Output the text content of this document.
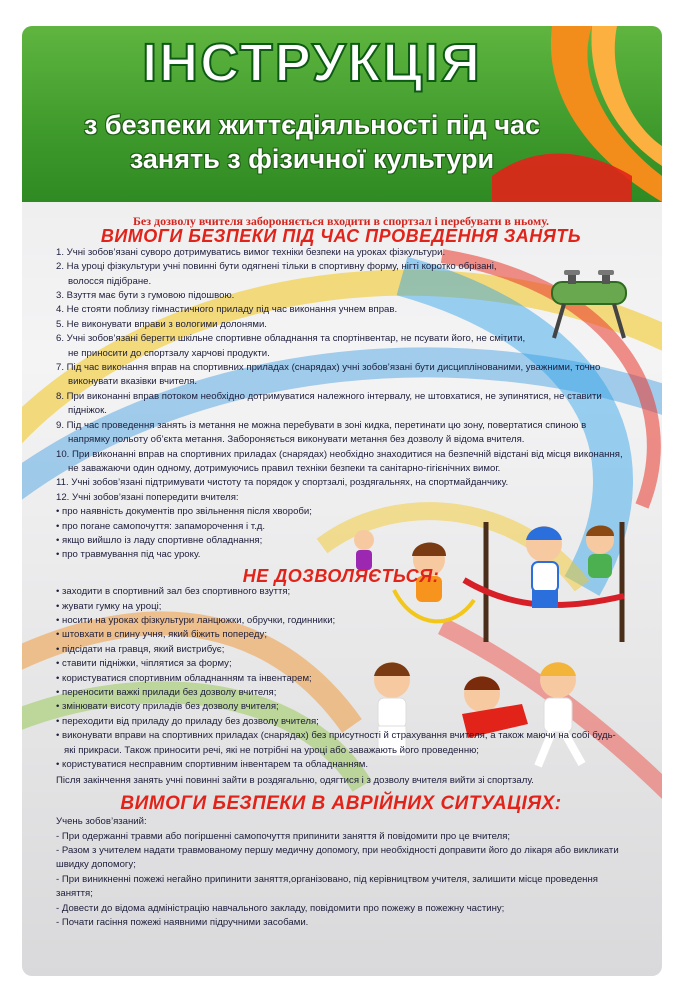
ІНСТРУКЦІЯ
з безпеки життєдіяльності під час
занять з фізичної культури

Без дозволу вчителя забороняється входити в спортзал і перебувати в ньому.

ВИМОГИ БЕЗПЕКИ ПІД ЧАС ПРОВЕДЕННЯ ЗАНЯТЬ
1. Учні зобов’язані суворо дотримуватись вимог техніки безпеки на уроках фізкультури.
2. На уроці фізкультури учні повинні бути одягнені тільки в спортивну форму, нігті коротко обрізані, волосся підібране.
3. Взуття має бути з гумовою підошвою.
4. Не стояти поблизу гімнастичного приладу під час виконання учнем вправ.
5. Не виконувати вправи з вологими долонями.
6. Учні зобов’язані берегти шкільне спортивне обладнання та спортінвентар, не псувати його, не смітити, не приносити до спортзалу харчові продукти.
7. Під час виконання вправ на спортивних приладах (снарядах) учні зобов’язані бути дисциплінованими, уважними, точно виконувати вказівки вчителя.
8. При виконанні вправ потоком необхідно дотримуватися належного інтервалу, не штовхатися, не зупинятися, не ставити підніжок.
9. Під час проведення занять із метання не можна перебувати в зоні кидка, перетинати цю зону, повертатися спиною в напрямку польоту об’єкта метання. Забороняється виконувати метання без дозволу й відома вчителя.
10. При виконанні вправ на спортивних приладах (снарядах) необхідно знаходитися на безпечній відстані від місця виконання, не заважаючи один одному, дотримуючись правил техніки безпеки та санітарно-гігієнічних вимог.
11. Учні зобов’язані підтримувати чистоту та порядок у спортзалі, роздягальнях, на спортмайданчику.
12. Учні зобов’язані попередити вчителя:
• про наявність документів про звільнення після хвороби;
• про погане самопочуття: запаморочення і т.д.
• якщо вийшло із ладу спортивне обладнання;
• про травмування під час уроку.
НЕ ДОЗВОЛЯЄТЬСЯ:
• заходити в спортивний зал без спортивного взуття;
• жувати гумку на уроці;
• носити на уроках фізкультури ланцюжки, обручки, годинники;
• штовхати в спину учня, який біжить попереду;
• підсідати на гравця, який вистрибує;
• ставити підніжки, чіплятися за форму;
• користуватися спортивним обладнанням та інвентарем;
• переносити важкі прилади без дозволу вчителя;
• змінювати висоту приладів без дозволу вчителя;
• переходити від приладу до приладу без дозволу вчителя;
• виконувати вправи на спортивних приладах (снарядах) без присутності й страхування вчителя, а також маючи на собі будь-які прикраси. Також приносити речі, які не потрібні на уроці або заважають його проведенню;
• користуватися несправним спортивним інвентарем та обладнанням.

Після закінчення занять учні повинні зайти в роздягальню, одягтися і з дозволу вчителя вийти зі спортзалу.

ВИМОГИ БЕЗПЕКИ В АВРІЙНИХ СИТУАЦІЯХ:

Учень зобов’язаний:

- При одержанні травми або погіршенні самопочуття припинити заняття й повідомити про це вчителя;
- Разом з учителем надати травмованому першу медичну допомогу, при необхідності доправити його до лікаря або викликати швидку допомогу;
- При виникненні пожежі негайно припинити заняття,організовано, під керівництвом учителя, залишити місце проведення заняття;
- Довести до відома адміністрацію навчального закладу, повідомити про пожежу в пожежну частину;
- Почати гасіння пожежі наявними підручними засобами.
